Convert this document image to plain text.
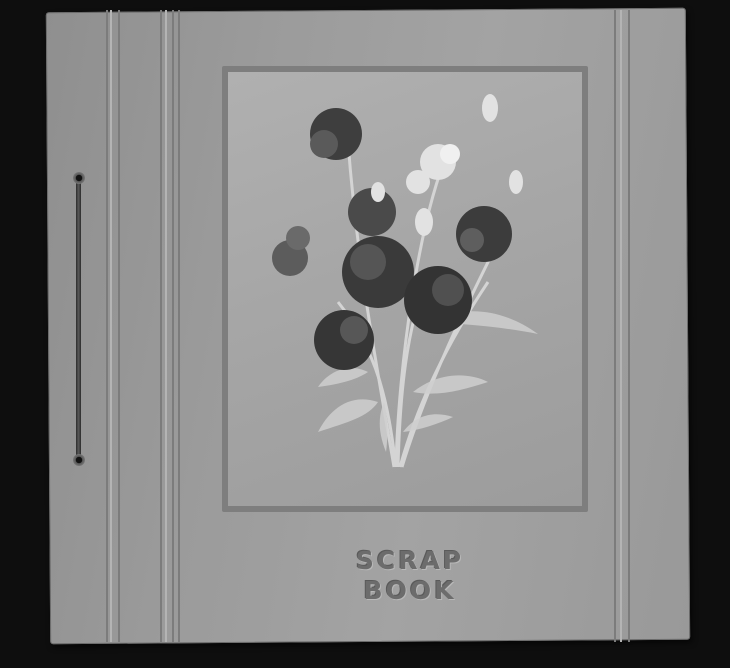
SCRAP
BOOK
